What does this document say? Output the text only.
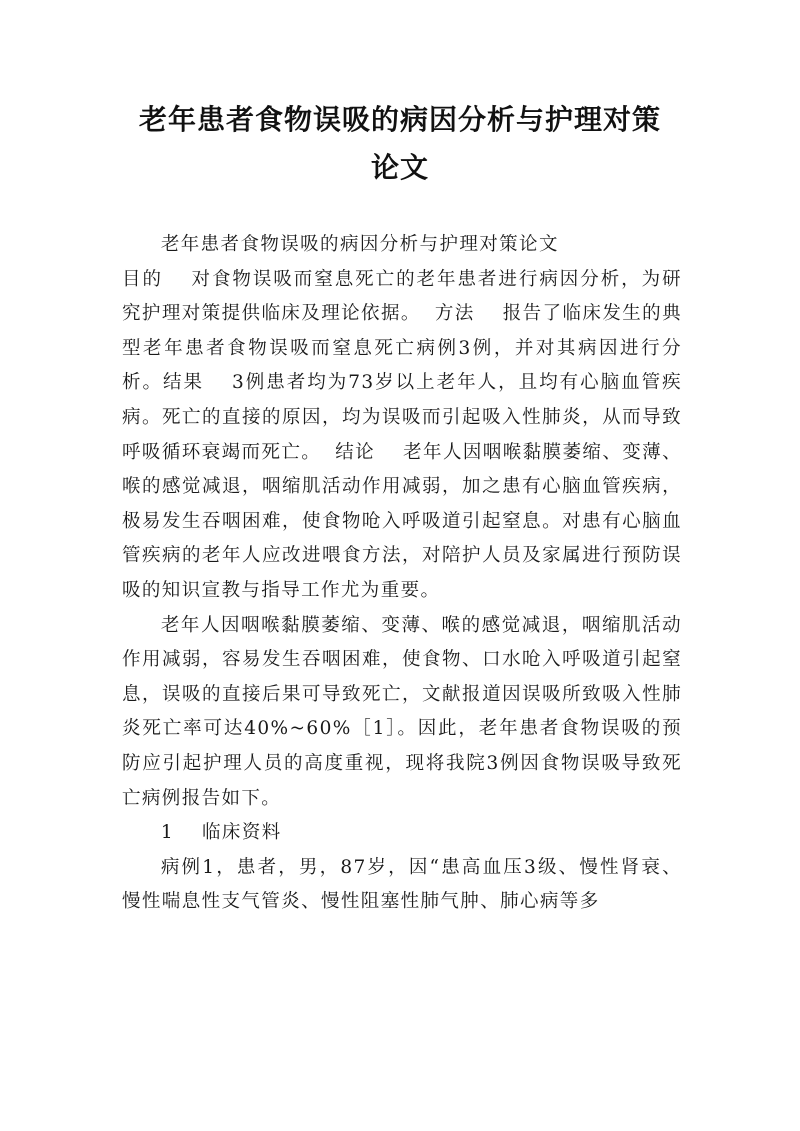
老年患者食物误吸的病因分析与护理对策
论文

老年患者食物误吸的病因分析与护理对策论文

目的 对食物误吸而窒息死亡的老年患者进行病因分析，为研究护理对策提供临床及理论依据。 方法 报告了临床发生的典型老年患者食物误吸而窒息死亡病例3例，并对其病因进行分析。结果 3例患者均为73岁以上老年人，且均有心脑血管疾病。死亡的直接的原因，均为误吸而引起吸入性肺炎，从而导致呼吸循环衰竭而死亡。 结论 老年人因咽喉黏膜萎缩、变薄、喉的感觉减退，咽缩肌活动作用减弱，加之患有心脑血管疾病，极易发生吞咽困难，使食物呛入呼吸道引起窒息。对患有心脑血管疾病的老年人应改进喂食方法，对陪护人员及家属进行预防误吸的知识宣教与指导工作尤为重要。

老年人因咽喉黏膜萎缩、变薄、喉的感觉减退，咽缩肌活动作用减弱，容易发生吞咽困难，使食物、口水呛入呼吸道引起窒息，误吸的直接后果可导致死亡，文献报道因误吸所致吸入性肺炎死亡率可达40%~60%［1］。因此，老年患者食物误吸的预防应引起护理人员的高度重视，现将我院3例因食物误吸导致死亡病例报告如下。

1 临床资料

病例1，患者，男，87岁，因“患高血压3级、慢性肾衰、慢性喘息性支气管炎、慢性阻塞性肺气肿、肺心病等多
